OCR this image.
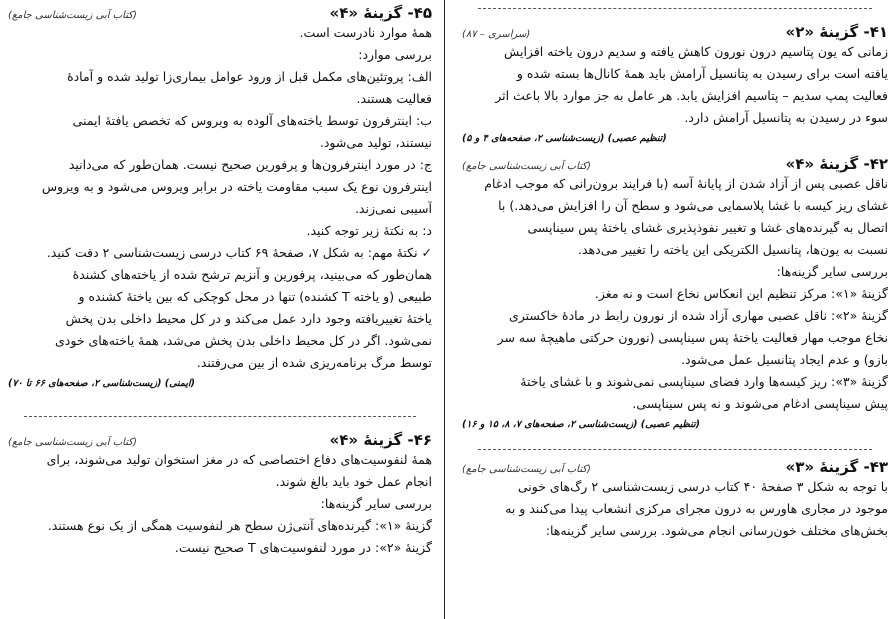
۴۱- گزینهٔ «۲»
(سراسری – ۸۷)
زمانی که یون پتاسیم درون نورون کاهش یافته و سدیم درون یاخته افزایش
یافته است برای رسیدن به پتانسیل آرامش باید همهٔ کانال‌ها بسته شده و
فعالیت پمپ سدیم – پتاسیم افزایش یابد. هر عامل به جز موارد بالا باعث اثر
سوء در رسیدن به پتانسیل آرامش دارد.
(تنظیم عصبی) (زیست‌شناسی ۲، صفحه‌های ۴ و ۵)
۴۲- گزینهٔ «۴»
(کتاب آبی زیست‌شناسی جامع)
ناقل عصبی پس از آزاد شدن از پایانهٔ آسه (با فرایند برون‌رانی که موجب ادغام
غشای ریز کیسه با غشا پلاسمایی می‌شود و سطح آن را افزایش می‌دهد.) با
اتصال به گیرنده‌های غشا و تغییر نفوذپذیری غشای یاختهٔ پس سیناپسی
نسبت به یون‌ها، پتانسیل الکتریکی این یاخته را تغییر می‌دهد.
بررسی سایر گزینه‌ها:
گزینهٔ «۱»: مرکز تنظیم این انعکاس نخاع است و نه مغز.
گزینهٔ «۲»: ناقل عصبی مهاری آزاد شده از نورون رابط در مادهٔ خاکستری
نخاع موجب مهار فعالیت یاختهٔ پس سیناپسی (نورون حرکتی ماهیچهٔ سه سر
بازو) و عدم ایجاد پتانسیل عمل می‌شود.
گزینهٔ «۳»: ریز کیسه‌ها وارد فضای سیناپسی نمی‌شوند و با غشای یاختهٔ
پیش سیناپسی ادغام می‌شوند و نه پس سیناپسی.
(تنظیم عصبی) (زیست‌شناسی ۲، صفحه‌های ۷، ۸، ۱۵ و ۱۶)
۴۳- گزینهٔ «۳»
(کتاب آبی زیست‌شناسی جامع)
با توجه به شکل ۳ صفحهٔ ۴۰ کتاب درسی زیست‌شناسی ۲ رگ‌های خونی
موجود در مجاری هاورس به درون مجرای مرکزی انشعاب پیدا می‌کنند و به
بخش‌های مختلف خون‌رسانی انجام می‌شود. بررسی سایر گزینه‌ها:
۴۵- گزینهٔ «۴»
(کتاب آبی زیست‌شناسی جامع)
همهٔ موارد نادرست است.
بررسی موارد:
الف: پروتئین‌های مکمل قبل از ورود عوامل بیماری‌زا تولید شده و آمادهٔ
فعالیت هستند.
ب: اینترفرون توسط یاخته‌های آلوده به ویروس که تخصص یافتهٔ ایمنی
نیستند، تولید می‌شود.
ج: در مورد اینترفرون‌ها و پرفورین صحیح نیست. همان‌طور که می‌دانید
اینترفرون نوع یک سبب مقاومت یاخته در برابر ویروس می‌شود و به ویروس
آسیبی نمی‌زند.
د: به نکتهٔ زیر توجه کنید.
✓ نکتهٔ مهم: به شکل ۷، صفحهٔ ۶۹ کتاب درسی زیست‌شناسی ۲ دقت کنید.
همان‌طور که می‌بینید، پرفورین و آنزیم ترشح شده از یاخته‌های کشندهٔ
طبیعی (و یاخته T کشنده) تنها در محل کوچکی که بین یاختهٔ کشنده و
یاختهٔ تغییریافته وجود دارد عمل می‌کند و در کل محیط داخلی بدن پخش
نمی‌شود. اگر در کل محیط داخلی بدن پخش می‌شد، همهٔ یاخته‌های خودی
توسط مرگ برنامه‌ریزی شده از بین می‌رفتند.
(ایمنی) (زیست‌شناسی ۲، صفحه‌های ۶۶ تا ۷۰)
۴۶- گزینهٔ «۴»
(کتاب آبی زیست‌شناسی جامع)
همهٔ لنفوسیت‌های دفاع اختصاصی که در مغز استخوان تولید می‌شوند، برای
انجام عمل خود باید بالغ شوند.
بررسی سایر گزینه‌ها:
گزینهٔ «۱»: گیرنده‌های آنتی‌ژن سطح هر لنفوسیت همگی از یک نوع هستند.
گزینهٔ «۲»: در مورد لنفوسیت‌های T صحیح نیست.
